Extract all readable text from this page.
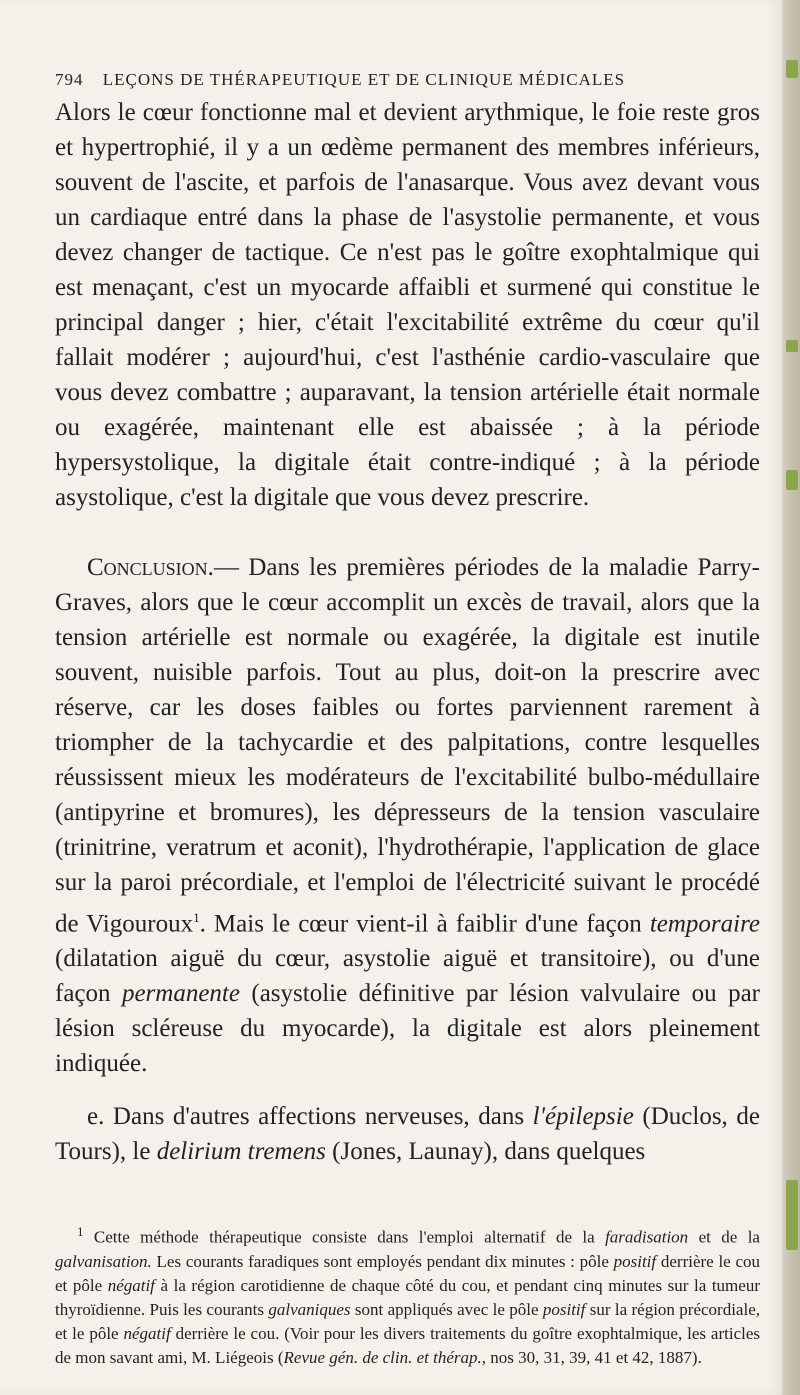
794 LEÇONS DE THÉRAPEUTIQUE ET DE CLINIQUE MÉDICALES

Alors le cœur fonctionne mal et devient arythmique, le foie reste gros et hypertrophié, il y a un œdème permanent des membres inférieurs, souvent de l'ascite, et parfois de l'anasarque. Vous avez devant vous un cardiaque entré dans la phase de l'asystolie permanente, et vous devez changer de tactique. Ce n'est pas le goître exophtalmique qui est menaçant, c'est un myocarde affaibli et surmené qui constitue le principal danger ; hier, c'était l'excitabilité extrême du cœur qu'il fallait modérer ; aujourd'hui, c'est l'asthénie cardio-vasculaire que vous devez combattre ; auparavant, la tension artérielle était normale ou exagérée, maintenant elle est abaissée ; à la période hypersystolique, la digitale était contre-indiqué ; à la période asystolique, c'est la digitale que vous devez prescrire.

Conclusion.— Dans les premières périodes de la maladie Parry-Graves, alors que le cœur accomplit un excès de travail, alors que la tension artérielle est normale ou exagérée, la digitale est inutile souvent, nuisible parfois. Tout au plus, doit-on la prescrire avec réserve, car les doses faibles ou fortes parviennent rarement à triompher de la tachycardie et des palpitations, contre lesquelles réussissent mieux les modérateurs de l'excitabilité bulbo-médullaire (antipyrine et bromures), les dépresseurs de la tension vasculaire (trinitrine, veratrum et aconit), l'hydrothérapie, l'application de glace sur la paroi précordiale, et l'emploi de l'électricité suivant le procédé de Vigouroux$^1$. Mais le cœur vient-il à faiblir d'une façon temporaire (dilatation aiguë du cœur, asystolie aiguë et transitoire), ou d'une façon permanente (asystolie définitive par lésion valvulaire ou par lésion scléreuse du myocarde), la digitale est alors pleinement indiquée.

e. Dans d'autres affections nerveuses, dans l'épilepsie (Duclos, de Tours), le delirium tremens (Jones, Launay), dans quelques

$^1$ Cette méthode thérapeutique consiste dans l'emploi alternatif de la faradisation et de la galvanisation. Les courants faradiques sont employés pendant dix minutes : pôle positif derrière le cou et pôle négatif à la région carotidienne de chaque côté du cou, et pendant cinq minutes sur la tumeur thyroïdienne. Puis les courants galvaniques sont appliqués avec le pôle positif sur la région précordiale, et le pôle négatif derrière le cou. (Voir pour les divers traitements du goître exophtalmique, les articles de mon savant ami, M. Liégeois (Revue gén. de clin. et thérap., nos 30, 31, 39, 41 et 42, 1887).
